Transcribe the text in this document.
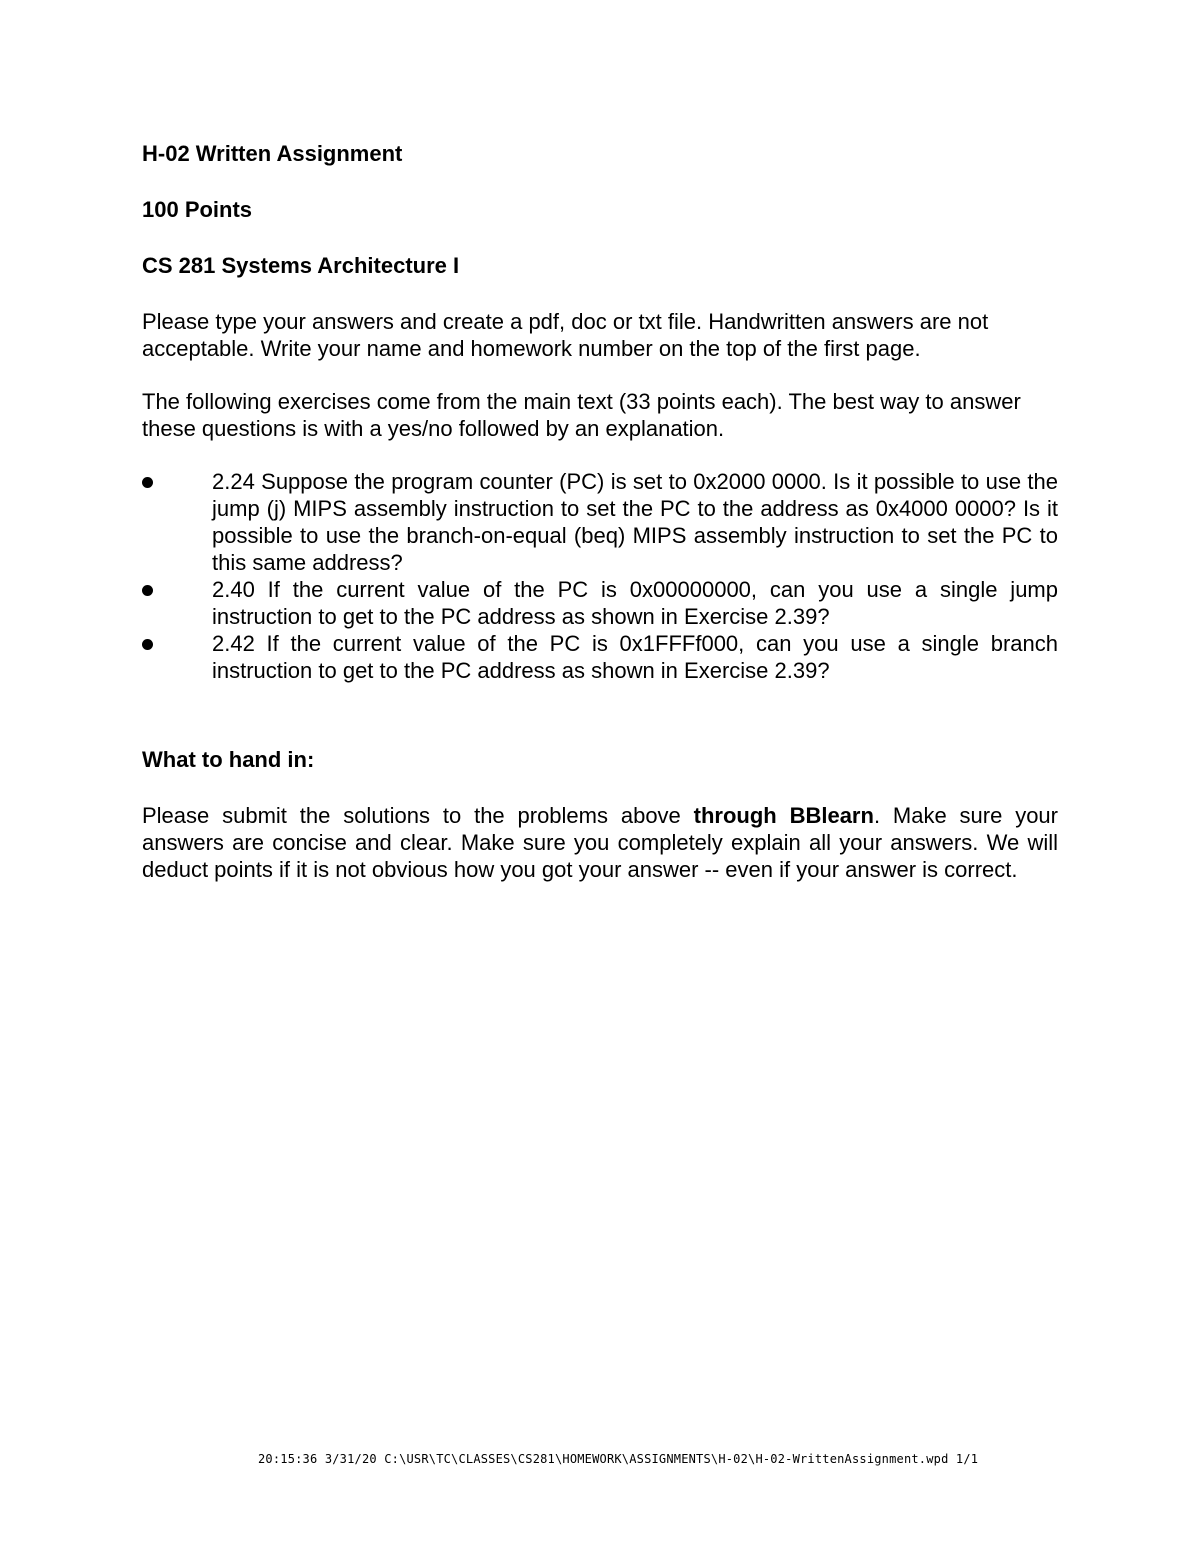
H-02 Written Assignment
100 Points
CS 281 Systems Architecture I

Please type your answers and create a pdf, doc or txt file. Handwritten answers are not acceptable. Write your name and homework number on the top of the first page.

The following exercises come from the main text (33 points each). The best way to answer these questions is with a yes/no followed by an explanation.

2.24 Suppose the program counter (PC) is set to 0x2000 0000. Is it possible to use the jump (j) MIPS assembly instruction to set the PC to the address as 0x4000 0000? Is it possible to use the branch-on-equal (beq) MIPS assembly instruction to set the PC to this same address?
2.40 If the current value of the PC is 0x00000000, can you use a single jump instruction to get to the PC address as shown in Exercise 2.39?
2.42 If the current value of the PC is 0x1FFFf000, can you use a single branch instruction to get to the PC address as shown in Exercise 2.39?
What to hand in:

Please submit the solutions to the problems above through BBlearn. Make sure your answers are concise and clear. Make sure you completely explain all your answers. We will deduct points if it is not obvious how you got your answer -- even if your answer is correct.

20:15:36 3/31/20 C:\USR\TC\CLASSES\CS281\HOMEWORK\ASSIGNMENTS\H-02\H-02-WrittenAssignment.wpd 1/1
